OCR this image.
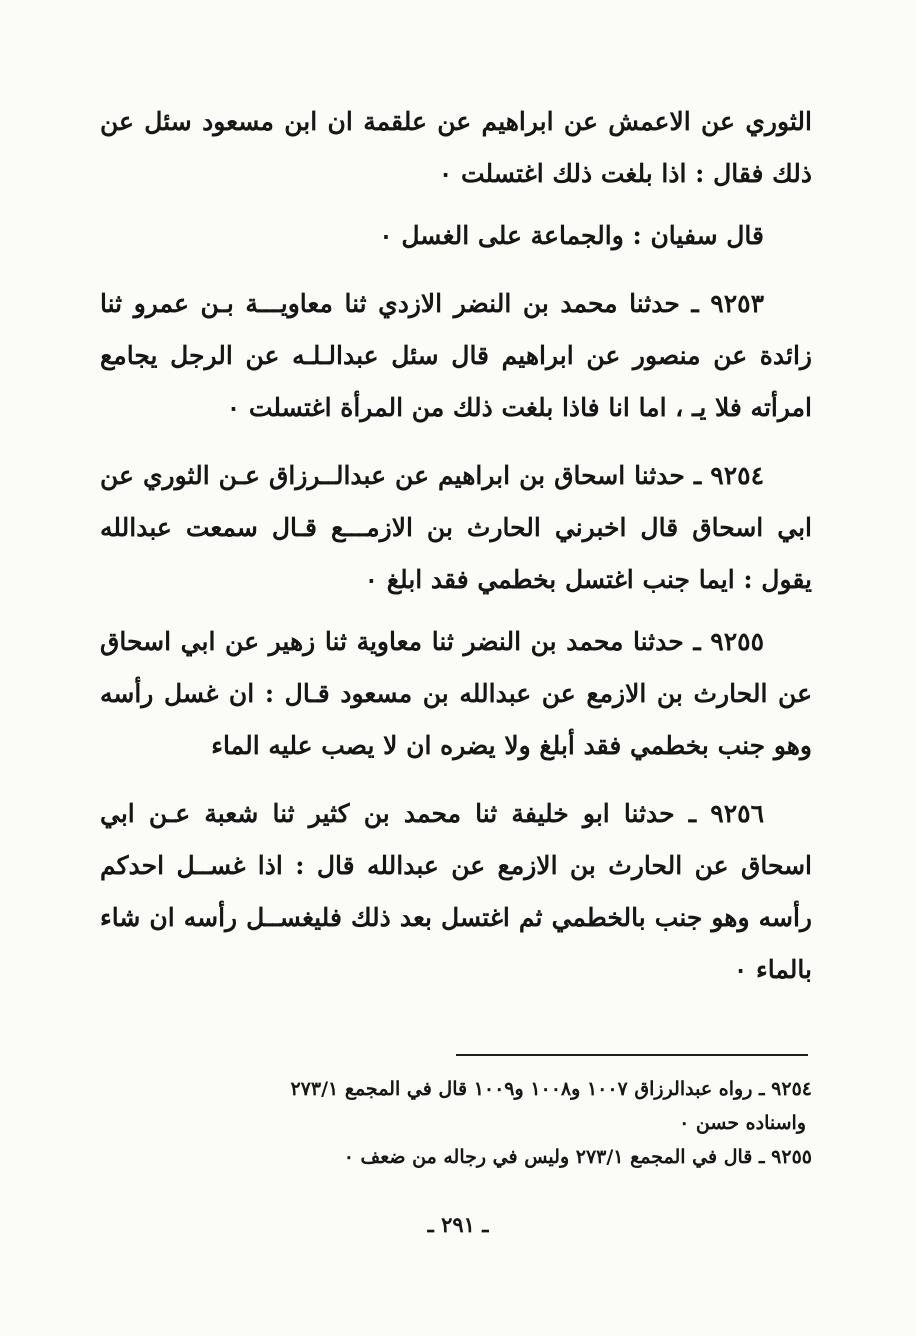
الثوري عن الاعمش عن ابراهيم عن علقمة ان ابن مسعود سئل عن ذلك فقال : اذا بلغت ذلك اغتسلت ٠

قال سفيان : والجماعة على الغسل ٠

٩٢٥٣ ـ حدثنا محمد بن النضر الازدي ثنا معاويـــة بـن عمرو ثنا زائدة عن منصور عن ابراهيم قال سئل عبدالـلـه عن الرجل يجامع امرأته فلا يـ ، اما انا فاذا بلغت ذلك من المرأة اغتسلت ٠

٩٢٥٤ ـ حدثنا اسحاق بن ابراهيم عن عبدالــرزاق عـن الثوري عن ابي اسحاق قال اخبرني الحارث بن الازمـــع قـال سمعت عبدالله يقول : ايما جنب اغتسل بخطمي فقد ابلغ ٠

٩٢٥٥ ـ حدثنا محمد بن النضر ثنا معاوية ثنا زهير عن ابي اسحاق عن الحارث بن الازمع عن عبدالله بن مسعود قـال : ان غسل رأسه وهو جنب بخطمي فقد أبلغ ولا يضره ان لا يصب عليه الماء

٩٢٥٦ ـ حدثنا ابو خليفة ثنا محمد بن كثير ثنا شعبة عـن ابي اسحاق عن الحارث بن الازمع عن عبدالله قال : اذا غســل احدكم رأسه وهو جنب بالخطمي ثم اغتسل بعد ذلك فليغســل رأسه ان شاء بالماء ٠

٩٢٥٤ ـ رواه عبدالرزاق ١٠٠٧ و١٠٠٨ و١٠٠٩ قال في المجمع ٢٧٣/١

واسناده حسن ٠

٩٢٥٥ ـ قال في المجمع ٢٧٣/١ وليس في رجاله من ضعف ٠

ـ ٢٩١ ـ
